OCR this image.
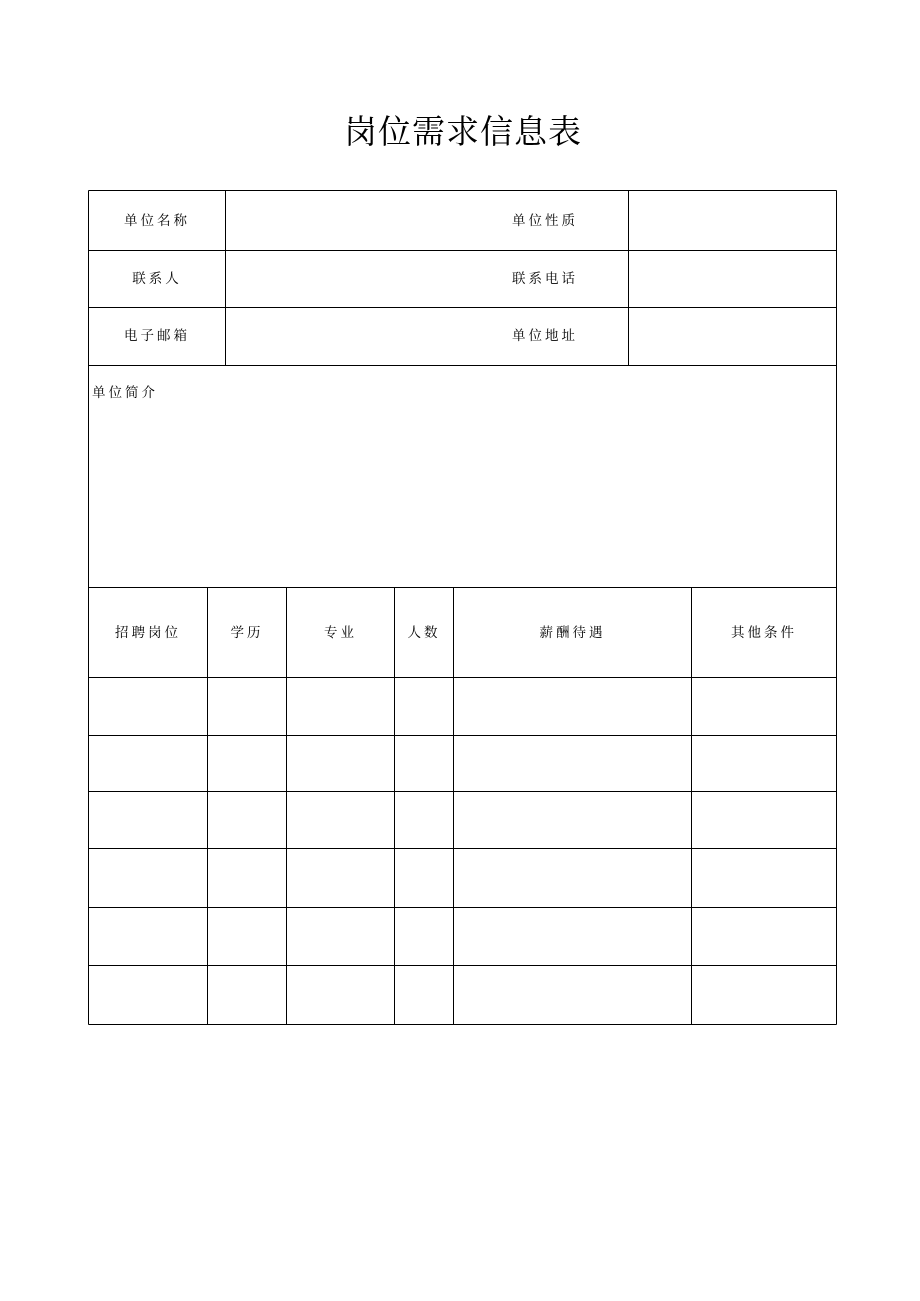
岗位需求信息表
单位名称	单位性质
联系人	联系电话
电子邮箱	单位地址
单位简介
招聘岗位	学历	专业	人数	薪酬待遇	其他条件
